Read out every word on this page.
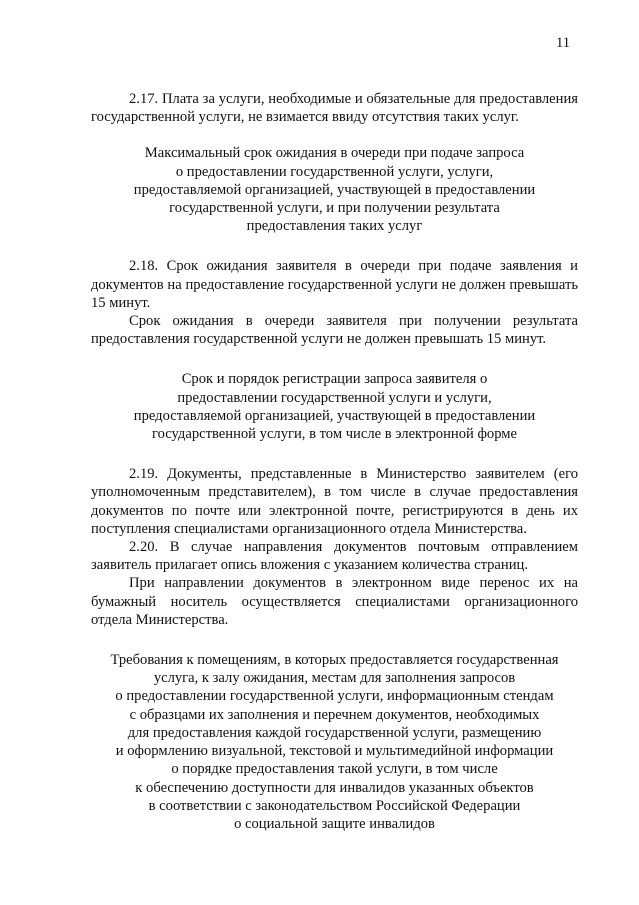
11

2.17. Плата за услуги, необходимые и обязательные для предоставления государственной услуги, не взимается ввиду отсутствия таких услуг.

Максимальный срок ожидания в очереди при подаче запроса
о предоставлении государственной услуги, услуги,
предоставляемой организацией, участвующей в предоставлении
государственной услуги, и при получении результата
предоставления таких услуг

2.18. Срок ожидания заявителя в очереди при подаче заявления и документов на предоставление государственной услуги не должен превышать 15 минут.

Срок ожидания в очереди заявителя при получении результата предоставления государственной услуги не должен превышать 15 минут.

Срок и порядок регистрации запроса заявителя о
предоставлении государственной услуги и услуги,
предоставляемой организацией, участвующей в предоставлении
государственной услуги, в том числе в электронной форме

2.19. Документы, представленные в Министерство заявителем (его уполномоченным представителем), в том числе в случае предоставления документов по почте или электронной почте, регистрируются в день их поступления специалистами организационного отдела Министерства.

2.20. В случае направления документов почтовым отправлением заявитель прилагает опись вложения с указанием количества страниц.

При направлении документов в электронном виде перенос их на бумажный носитель осуществляется специалистами организационного отдела Министерства.

Требования к помещениям, в которых предоставляется государственная
услуга, к залу ожидания, местам для заполнения запросов
о предоставлении государственной услуги, информационным стендам
с образцами их заполнения и перечнем документов, необходимых
для предоставления каждой государственной услуги, размещению
и оформлению визуальной, текстовой и мультимедийной информации
о порядке предоставления такой услуги, в том числе
к обеспечению доступности для инвалидов указанных объектов
в соответствии с законодательством Российской Федерации
о социальной защите инвалидов
